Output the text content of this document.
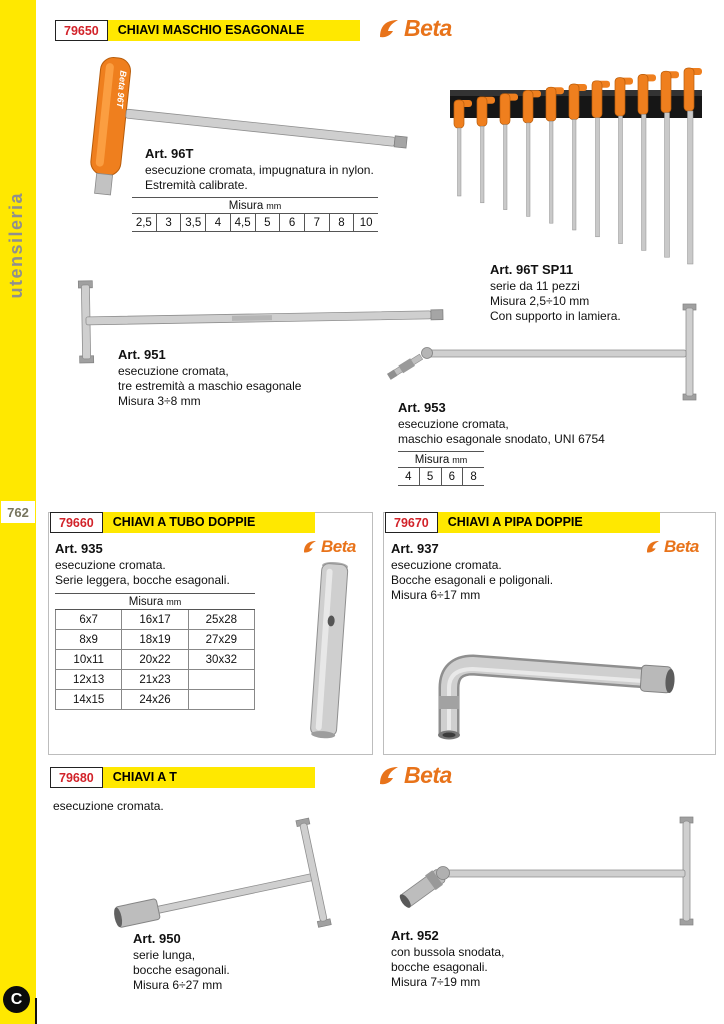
utensileria
762
79650	CHIAVI MASCHIO ESAGONALE	Beta
Beta 96T
Art. 96T
esecuzione cromata, impugnatura in nylon.
Estremità calibrate.
Misura mm
2,5	3	3,5	4	4,5	5	6	7	8	10
Art. 96T SP11
serie da 11 pezzi
Misura 2,5÷10 mm
Con supporto in lamiera.
Art. 951
esecuzione cromata,
tre estremità a maschio esagonale
Misura 3÷8 mm	Art. 953
esecuzione cromata,
maschio esagonale snodato, UNI 6754
Misura mm
4	5	6	8
79660	CHIAVI A TUBO DOPPIE
Beta
Art. 935
esecuzione cromata.
Serie leggera, bocche esagonali.
Misura mm
6x7	16x17	25x28
8x9	18x19	27x29
10x11	20x22	30x32
12x13	21x23
14x15	24x26
79670	CHIAVI A PIPA DOPPIE
Beta
Art. 937
esecuzione cromata.
Bocche esagonali e poligonali.
Misura 6÷17 mm
79680	CHIAVI A T	Beta
esecuzione cromata.
Art. 950
serie lunga,
bocche esagonali.
Misura 6÷27 mm
Art. 952
con bussola snodata,
bocche esagonali.
Misura 7÷19 mm
C
